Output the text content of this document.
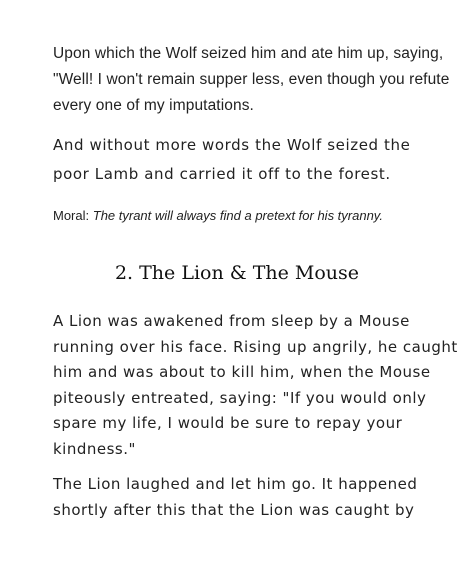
Upon which the Wolf seized him and ate him up, saying,
"Well! I won't remain supper less, even though you refute
every one of my imputations.

And without more words the Wolf seized the
poor Lamb and carried it off to the forest.

Moral: The tyrant will always find a pretext for his tyranny.

2. The Lion & The Mouse

A Lion was awakened from sleep by a Mouse
running over his face. Rising up angrily, he caught
him and was about to kill him, when the Mouse
piteously entreated, saying: "If you would only
spare my life, I would be sure to repay your
kindness."

The Lion laughed and let him go. It happened
shortly after this that the Lion was caught by
